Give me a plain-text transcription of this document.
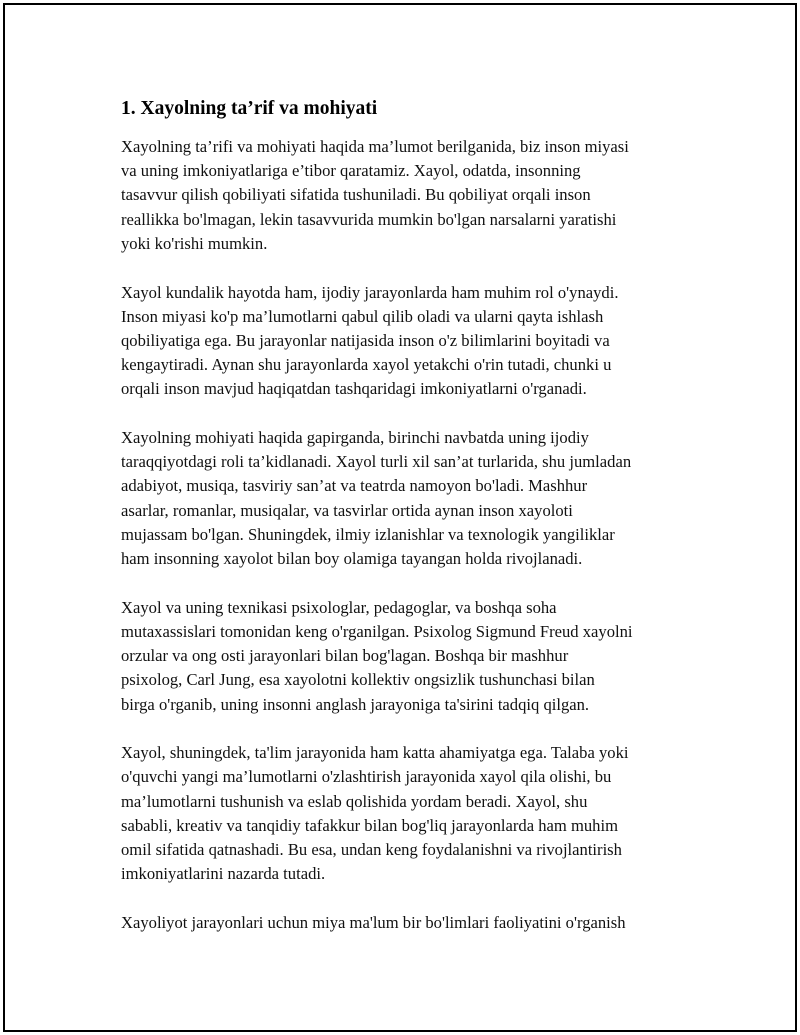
1. Xayolning ta’rif va mohiyati

Xayolning ta’rifi va mohiyati haqida ma’lumot berilganida, biz inson miyasi
va uning imkoniyatlariga e’tibor qaratamiz. Xayol, odatda, insonning
tasavvur qilish qobiliyati sifatida tushuniladi. Bu qobiliyat orqali inson
reallikka bo'lmagan, lekin tasavvurida mumkin bo'lgan narsalarni yaratishi
yoki ko'rishi mumkin.

Xayol kundalik hayotda ham, ijodiy jarayonlarda ham muhim rol o'ynaydi.
Inson miyasi ko'p ma’lumotlarni qabul qilib oladi va ularni qayta ishlash
qobiliyatiga ega. Bu jarayonlar natijasida inson o'z bilimlarini boyitadi va
kengaytiradi. Aynan shu jarayonlarda xayol yetakchi o'rin tutadi, chunki u
orqali inson mavjud haqiqatdan tashqaridagi imkoniyatlarni o'rganadi.

Xayolning mohiyati haqida gapirganda, birinchi navbatda uning ijodiy
taraqqiyotdagi roli ta’kidlanadi. Xayol turli xil san’at turlarida, shu jumladan
adabiyot, musiqa, tasviriy san’at va teatrda namoyon bo'ladi. Mashhur
asarlar, romanlar, musiqalar, va tasvirlar ortida aynan inson xayoloti
mujassam bo'lgan. Shuningdek, ilmiy izlanishlar va texnologik yangiliklar
ham insonning xayolot bilan boy olamiga tayangan holda rivojlanadi.

Xayol va uning texnikasi psixologlar, pedagoglar, va boshqa soha
mutaxassislari tomonidan keng o'rganilgan. Psixolog Sigmund Freud xayolni
orzular va ong osti jarayonlari bilan bog'lagan. Boshqa bir mashhur
psixolog, Carl Jung, esa xayolotni kollektiv ongsizlik tushunchasi bilan
birga o'rganib, uning insonni anglash jarayoniga ta'sirini tadqiq qilgan.

Xayol, shuningdek, ta'lim jarayonida ham katta ahamiyatga ega. Talaba yoki
o'quvchi yangi ma’lumotlarni o'zlashtirish jarayonida xayol qila olishi, bu
ma’lumotlarni tushunish va eslab qolishida yordam beradi. Xayol, shu
sababli, kreativ va tanqidiy tafakkur bilan bog'liq jarayonlarda ham muhim
omil sifatida qatnashadi. Bu esa, undan keng foydalanishni va rivojlantirish
imkoniyatlarini nazarda tutadi.

Xayoliyot jarayonlari uchun miya ma'lum bir bo'limlari faoliyatini o'rganish
